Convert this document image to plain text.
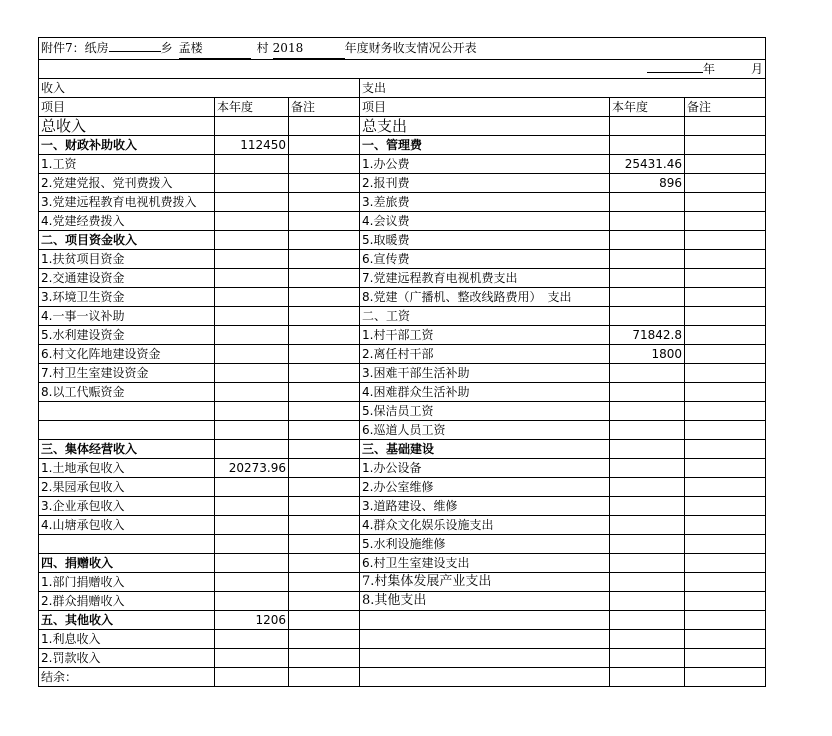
附件7：纸房 乡 孟楼 村 2018 年度财务收支情况公开表					
年 月					
收入			支出		
项目	本年度	备注	项目	本年度	备注
总收入			总支出		
一、财政补助收入	112450		一、管理费		
1.工资			1.办公费	25431.46	
2.党建党报、党刊费拨入			2.报刊费	896	
3.党建远程教育电视机费拨入			3.差旅费		
4.党建经费拨入			4.会议费		
二、项目资金收入			5.取暖费		
1.扶贫项目资金			6.宣传费		
2.交通建设资金			7.党建远程教育电视机费支出		
3.环境卫生资金			8.党建（广播机、整改线路费用）　支出		
4.一事一议补助			二、工资		
5.水利建设资金			1.村干部工资	71842.8	
6.村文化阵地建设资金			2.离任村干部	1800	
7.村卫生室建设资金			3.困难干部生活补助		
8.以工代赈资金			4.困难群众生活补助		
			5.保洁员工资		
			6.巡道人员工资		
三、集体经营收入			三、基础建设		
1.土地承包收入	20273.96		1.办公设备		
2.果园承包收入			2.办公室维修		
3.企业承包收入			3.道路建设、维修		
4.山塘承包收入			4.群众文化娱乐设施支出		
			5.水利设施维修		
四、捐赠收入			6.村卫生室建设支出		
1.部门捐赠收入			7.村集体发展产业支出		
2.群众捐赠收入			8.其他支出		
五、其他收入	1206				
1.利息收入					
2.罚款收入					
结余：					
